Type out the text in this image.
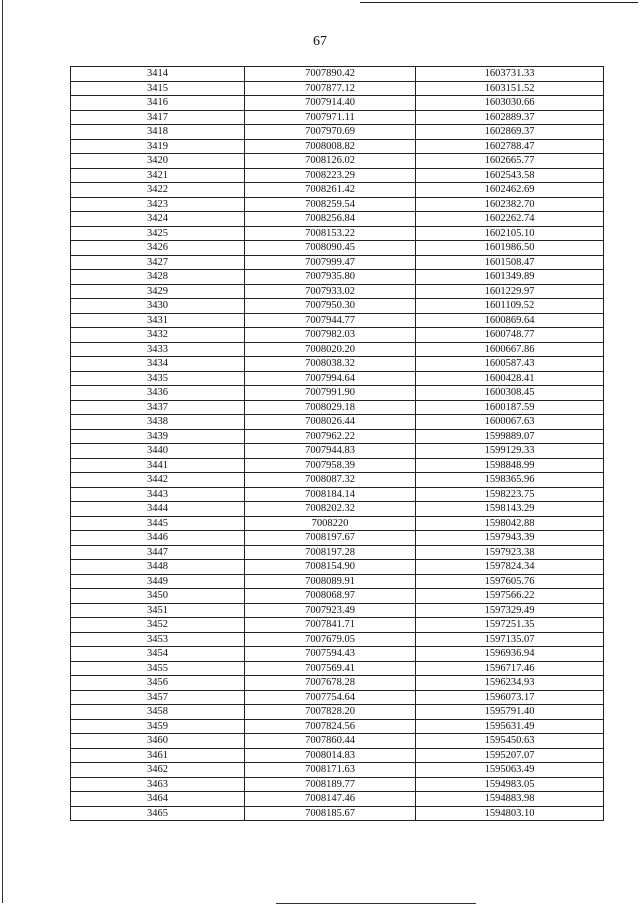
67
3414	7007890.42	1603731.33
3415	7007877.12	1603151.52
3416	7007914.40	1603030.66
3417	7007971.11	1602889.37
3418	7007970.69	1602869.37
3419	7008008.82	1602788.47
3420	7008126.02	1602665.77
3421	7008223.29	1602543.58
3422	7008261.42	1602462.69
3423	7008259.54	1602382.70
3424	7008256.84	1602262.74
3425	7008153.22	1602105.10
3426	7008090.45	1601986.50
3427	7007999.47	1601508.47
3428	7007935.80	1601349.89
3429	7007933.02	1601229.97
3430	7007950.30	1601109.52
3431	7007944.77	1600869.64
3432	7007982.03	1600748.77
3433	7008020.20	1600667.86
3434	7008038.32	1600587.43
3435	7007994.64	1600428.41
3436	7007991.90	1600308.45
3437	7008029.18	1600187.59
3438	7008026.44	1600067.63
3439	7007962.22	1599889.07
3440	7007944.83	1599129.33
3441	7007958.39	1598848.99
3442	7008087.32	1598365.96
3443	7008184.14	1598223.75
3444	7008202.32	1598143.29
3445	7008220	1598042.88
3446	7008197.67	1597943.39
3447	7008197.28	1597923.38
3448	7008154.90	1597824.34
3449	7008089.91	1597605.76
3450	7008068.97	1597566.22
3451	7007923.49	1597329.49
3452	7007841.71	1597251.35
3453	7007679.05	1597135.07
3454	7007594.43	1596936.94
3455	7007569.41	1596717.46
3456	7007678.28	1596234.93
3457	7007754.64	1596073.17
3458	7007828.20	1595791.40
3459	7007824.56	1595631.49
3460	7007860.44	1595450.63
3461	7008014.83	1595207.07
3462	7008171.63	1595063.49
3463	7008189.77	1594983.05
3464	7008147.46	1594883.98
3465	7008185.67	1594803.10
